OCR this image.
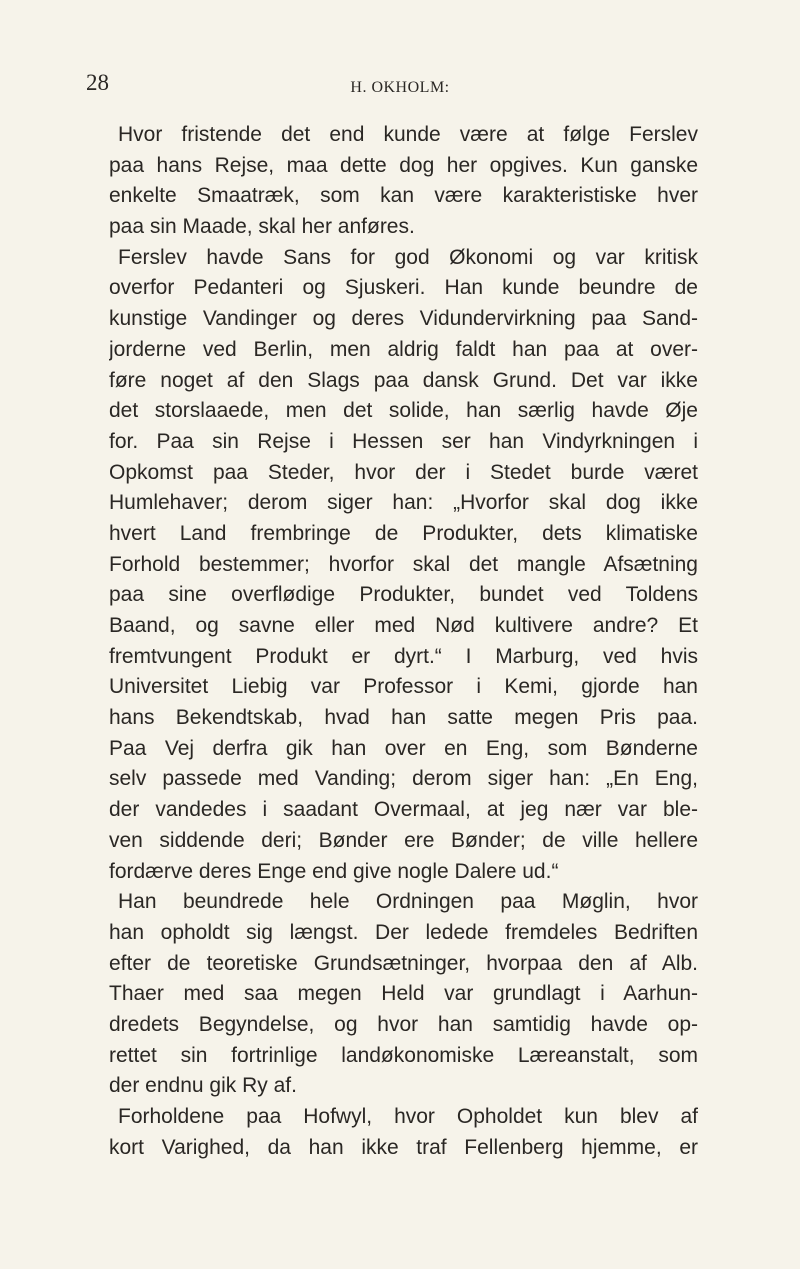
28	H. OKHOLM:
Hvor fristende det end kunde være at følge Ferslev
paa hans Rejse, maa dette dog her opgives. Kun ganske
enkelte Smaatræk, som kan være karakteristiske hver
paa sin Maade, skal her anføres.
Ferslev havde Sans for god Økonomi og var kritisk
overfor Pedanteri og Sjuskeri. Han kunde beundre de
kunstige Vandinger og deres Vidundervirkning paa Sand-
jorderne ved Berlin, men aldrig faldt han paa at over-
føre noget af den Slags paa dansk Grund. Det var ikke
det storslaaede, men det solide, han særlig havde Øje
for. Paa sin Rejse i Hessen ser han Vindyrkningen i
Opkomst paa Steder, hvor der i Stedet burde været
Humlehaver; derom siger han: „Hvorfor skal dog ikke
hvert Land frembringe de Produkter, dets klimatiske
Forhold bestemmer; hvorfor skal det mangle Afsætning
paa sine overflødige Produkter, bundet ved Toldens
Baand, og savne eller med Nød kultivere andre? Et
fremtvungent Produkt er dyrt.“ I Marburg, ved hvis
Universitet Liebig var Professor i Kemi, gjorde han
hans Bekendtskab, hvad han satte megen Pris paa.
Paa Vej derfra gik han over en Eng, som Bønderne
selv passede med Vanding; derom siger han: „En Eng,
der vandedes i saadant Overmaal, at jeg nær var ble-
ven siddende deri; Bønder ere Bønder; de ville hellere
fordærve deres Enge end give nogle Dalere ud.“
Han beundrede hele Ordningen paa Møglin, hvor
han opholdt sig længst. Der ledede fremdeles Bedriften
efter de teoretiske Grundsætninger, hvorpaa den af Alb.
Thaer med saa megen Held var grundlagt i Aarhun-
dredets Begyndelse, og hvor han samtidig havde op-
rettet sin fortrinlige landøkonomiske Læreanstalt, som
der endnu gik Ry af.
Forholdene paa Hofwyl, hvor Opholdet kun blev af
kort Varighed, da han ikke traf Fellenberg hjemme, er
